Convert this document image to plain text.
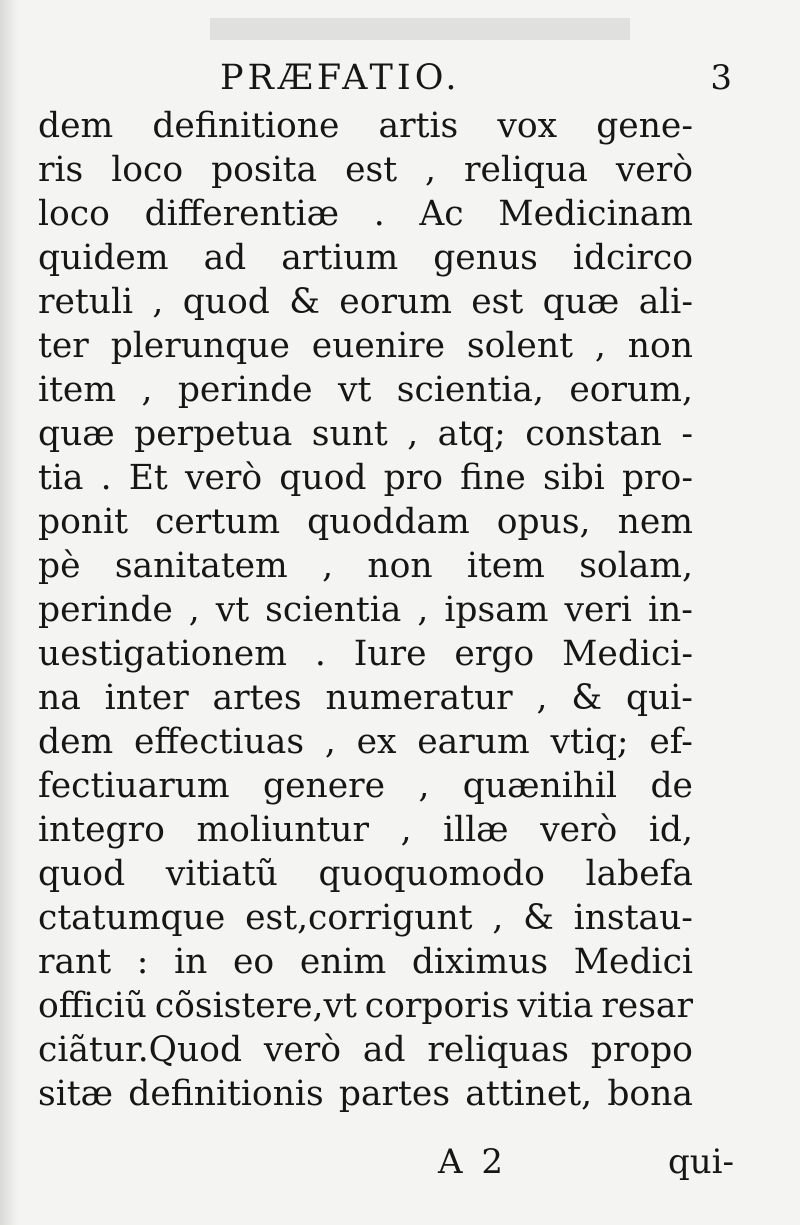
PRÆFATIO.	3
dem definitione artis vox gene-
ris loco posita est , reliqua verò
loco differentiæ . Ac Medicinam
quidem ad artium genus idcirco
retuli , quod & eorum est quæ ali-
ter plerunque euenire solent , non
item , perinde vt scientia, eorum,
quæ perpetua sunt , atq; constan -
tia . Et verò quod pro fine sibi pro-
ponit certum quoddam opus, nem
pè sanitatem , non item solam,
perinde , vt scientia , ipsam veri in-
uestigationem . Iure ergo Medici-
na inter artes numeratur , & qui-
dem effectiuas , ex earum vtiq; ef-
fectiuarum genere , quænihil de
integro moliuntur , illæ verò id,
quod vitiatũ quoquomodo labefa
ctatumque est,corrigunt , & instau-
rant : in eo enim diximus Medici
officiũ cõsistere,vt corporis vitia resar
ciãtur.Quod verò ad reliquas propo
sitæ definitionis partes attinet, bona
A 2	qui-
